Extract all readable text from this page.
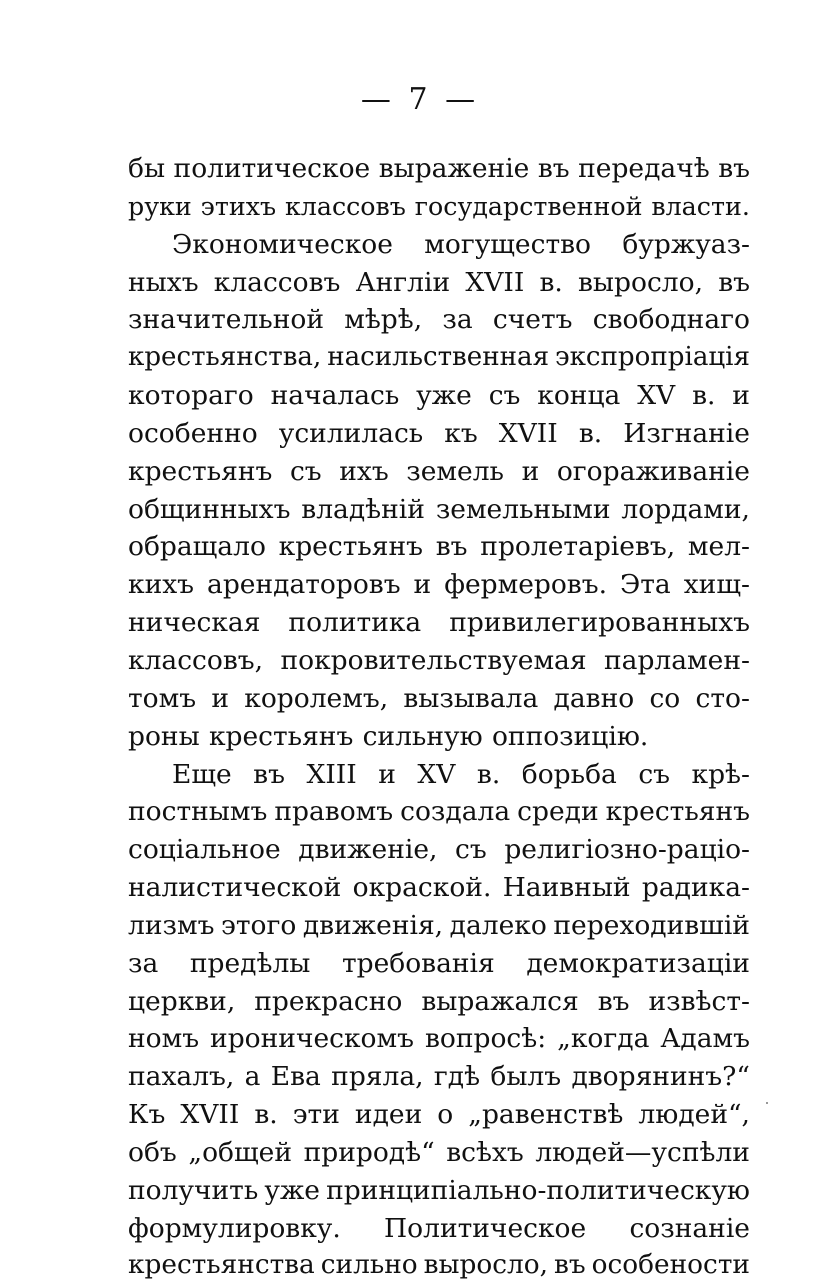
— 7 —
бы политическое выраженіе въ передачѣ въ
руки этихъ классовъ государственной власти.
Экономическое могущество буржуаз-
ныхъ классовъ Англіи XVII в. выросло, въ
значительной мѣрѣ, за счетъ свободнаго
крестьянства, насильственная экспропріація
котораго началась уже съ конца XV в. и
особенно усилилась къ XVII в. Изгнаніе
крестьянъ съ ихъ земель и огораживаніе
общинныхъ владѣній земельными лордами,
обращало крестьянъ въ пролетаріевъ, мел-
кихъ арендаторовъ и фермеровъ. Эта хищ-
ническая политика привилегированныхъ
классовъ, покровительствуемая парламен-
томъ и королемъ, вызывала давно со сто-
роны крестьянъ сильную оппозицію.
Еще въ XIII и XV в. борьба съ крѣ-
постнымъ правомъ создала среди крестьянъ
соціальное движеніе, съ религіозно-раціо-
налистической окраской. Наивный радика-
лизмъ этого движенія, далеко переходившій
за предѣлы требованія демократизаціи
церкви, прекрасно выражался въ извѣст-
номъ ироническомъ вопросѣ: „когда Адамъ
пахалъ, а Ева пряла, гдѣ былъ дворянинъ?“
Къ XVII в. эти идеи о „равенствѣ людей“,
объ „общей природѣ“ всѣхъ людей—успѣли
получить уже принципіально-политическую
формулировку. Политическое сознаніе
крестьянства сильно выросло, въ особености
